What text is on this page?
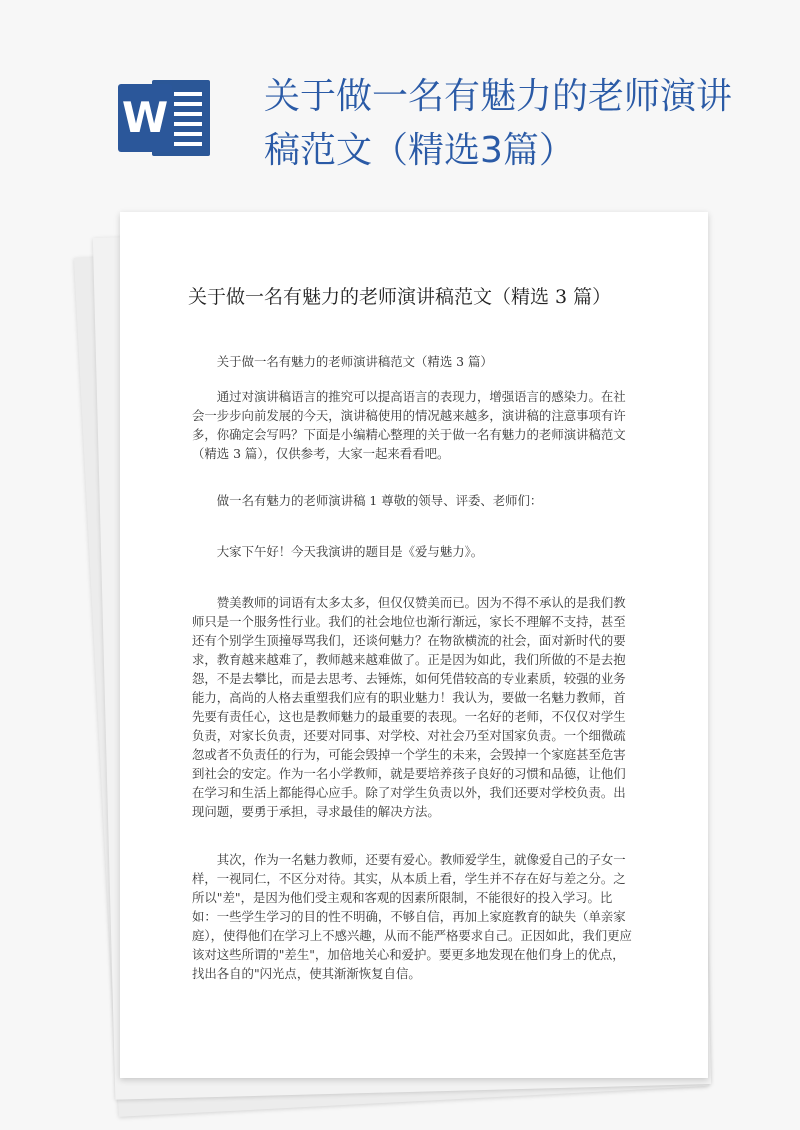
W	关于做一名有魅力的老师演讲稿范文（精选3篇）
关于做一名有魅力的老师演讲稿范文（精选 3 篇）

关于做一名有魅力的老师演讲稿范文（精选 3 篇）

通过对演讲稿语言的推究可以提高语言的表现力，增强语言的感染力。在社会一步步向前发展的今天，演讲稿使用的情况越来越多，演讲稿的注意事项有许多，你确定会写吗？下面是小编精心整理的关于做一名有魅力的老师演讲稿范文（精选 3 篇），仅供参考，大家一起来看看吧。

做一名有魅力的老师演讲稿 1 尊敬的领导、评委、老师们：

大家下午好！今天我演讲的题目是《爱与魅力》。

赞美教师的词语有太多太多，但仅仅赞美而已。因为不得不承认的是我们教师只是一个服务性行业。我们的社会地位也渐行渐远，家长不理解不支持，甚至还有个别学生顶撞辱骂我们，还谈何魅力？在物欲横流的社会，面对新时代的要求，教育越来越难了，教师越来越难做了。正是因为如此，我们所做的不是去抱怨，不是去攀比，而是去思考、去锤炼，如何凭借较高的专业素质，较强的业务能力，高尚的人格去重塑我们应有的职业魅力！我认为，要做一名魅力教师，首先要有责任心，这也是教师魅力的最重要的表现。一名好的老师，不仅仅对学生负责，对家长负责，还要对同事、对学校、对社会乃至对国家负责。一个细微疏忽或者不负责任的行为，可能会毁掉一个学生的未来，会毁掉一个家庭甚至危害到社会的安定。作为一名小学教师，就是要培养孩子良好的习惯和品德，让他们在学习和生活上都能得心应手。除了对学生负责以外，我们还要对学校负责。出现问题，要勇于承担，寻求最佳的解决方法。

其次，作为一名魅力教师，还要有爱心。教师爱学生，就像爱自己的子女一样，一视同仁，不区分对待。其实，从本质上看，学生并不存在好与差之分。之所以"差"，是因为他们受主观和客观的因素所限制，不能很好的投入学习。比如：一些学生学习的目的性不明确，不够自信，再加上家庭教育的缺失（单亲家庭），使得他们在学习上不感兴趣，从而不能严格要求自己。正因如此，我们更应该对这些所谓的"差生"，加倍地关心和爱护。要更多地发现在他们身上的优点，找出各自的"闪光点，使其渐渐恢复自信。
